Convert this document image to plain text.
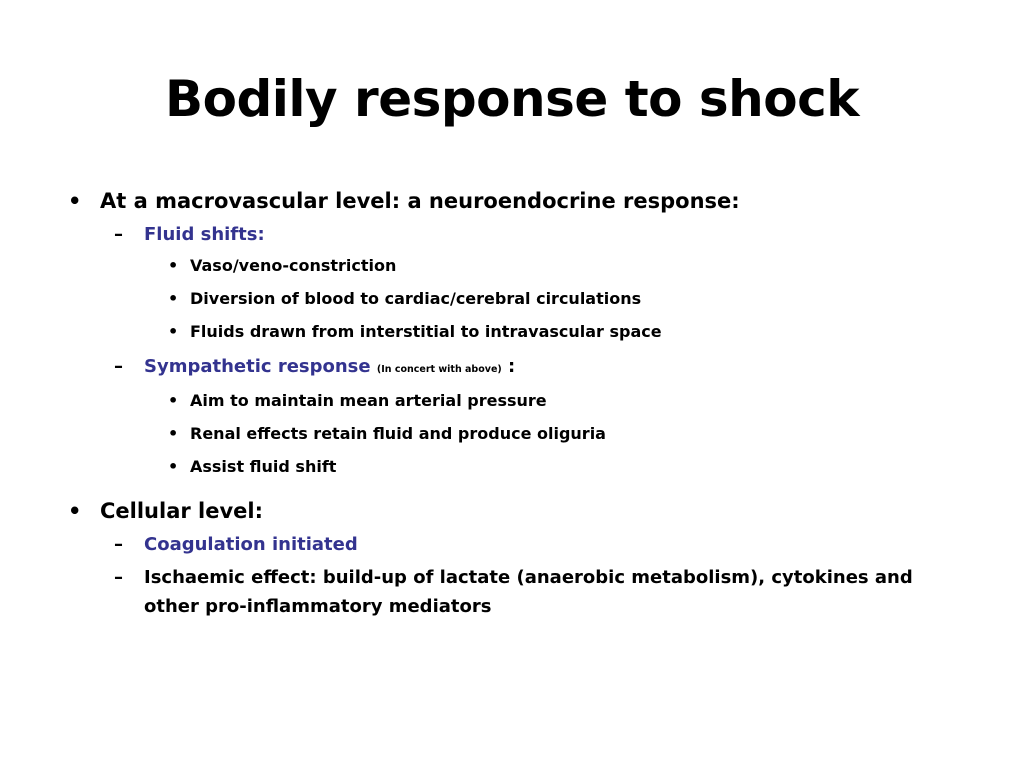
Bodily response to shock
• At a macrovascular level: a neuroendocrine response:
– Fluid shifts:
• Vaso/veno-constriction
• Diversion of blood to cardiac/cerebral circulations
• Fluids drawn from interstitial to intravascular space
– Sympathetic response (In concert with above) :
• Aim to maintain mean arterial pressure
• Renal effects retain fluid and produce oliguria
• Assist fluid shift
• Cellular level:
– Coagulation initiated
– Ischaemic effect: build-up of lactate (anaerobic metabolism), cytokines and other pro-inflammatory mediators
